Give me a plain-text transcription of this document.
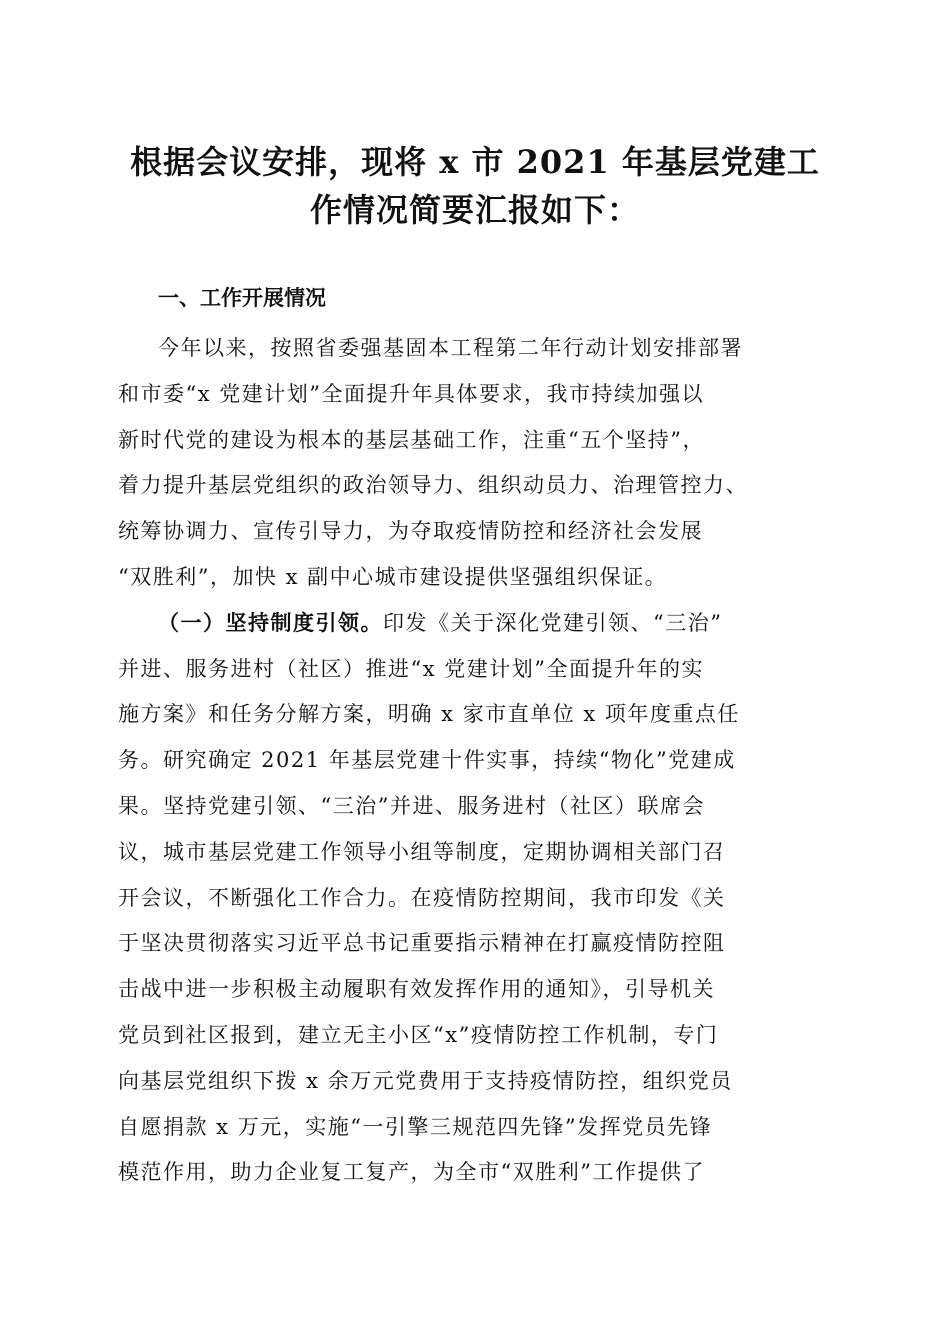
根据会议安排，现将 x 市 2021 年基层党建工
作情况简要汇报如下：
一、工作开展情况
今年以来，按照省委强基固本工程第二年行动计划安排部署
和市委“x 党建计划”全面提升年具体要求，我市持续加强以
新时代党的建设为根本的基层基础工作，注重“五个坚持”，
着力提升基层党组织的政治领导力、组织动员力、治理管控力、
统筹协调力、宣传引导力，为夺取疫情防控和经济社会发展
“双胜利”，加快 x 副中心城市建设提供坚强组织保证。
（一）坚持制度引领。印发《关于深化党建引领、“三治”
并进、服务进村（社区）推进“x 党建计划”全面提升年的实
施方案》和任务分解方案，明确 x 家市直单位 x 项年度重点任
务。研究确定 2021 年基层党建十件实事，持续“物化”党建成
果。坚持党建引领、“三治”并进、服务进村（社区）联席会
议，城市基层党建工作领导小组等制度，定期协调相关部门召
开会议，不断强化工作合力。在疫情防控期间，我市印发《关
于坚决贯彻落实习近平总书记重要指示精神在打赢疫情防控阻
击战中进一步积极主动履职有效发挥作用的通知》，引导机关
党员到社区报到，建立无主小区“x”疫情防控工作机制，专门
向基层党组织下拨 x 余万元党费用于支持疫情防控，组织党员
自愿捐款 x 万元，实施“一引擎三规范四先锋”发挥党员先锋
模范作用，助力企业复工复产，为全市“双胜利”工作提供了
